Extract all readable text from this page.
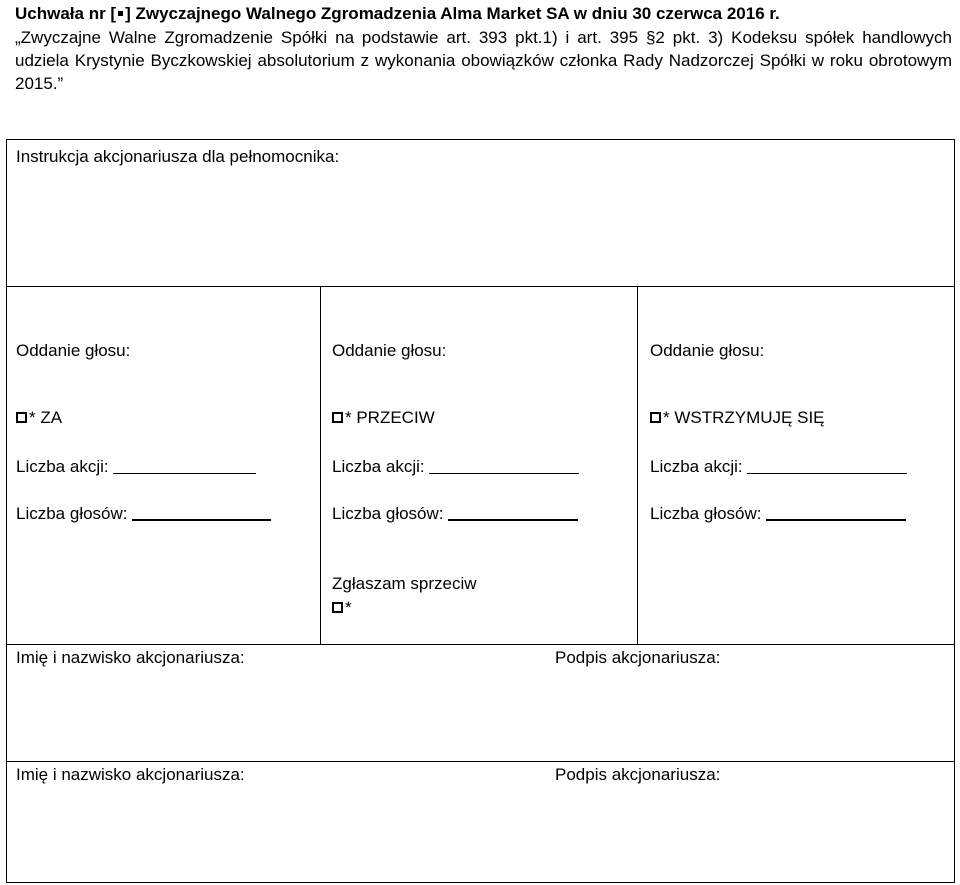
Uchwała nr [ ] Zwyczajnego Walnego Zgromadzenia Alma Market SA w dniu 30 czerwca 2016 r.
„Zwyczajne Walne Zgromadzenie Spółki na podstawie art. 393 pkt.1) i art. 395 §2 pkt. 3) Kodeksu spółek handlowych udziela Krystynie Byczkowskiej absolutorium z wykonania obowiązków członka Rady Nadzorczej Spółki w roku obrotowym 2015.”
Instrukcja akcjonariusza dla pełnomocnika:
Oddanie głosu:
* ZA
Liczba akcji:
Liczba głosów:
Oddanie głosu:
* PRZECIW
Liczba akcji:
Liczba głosów:
Oddanie głosu:
* WSTRZYMUJĘ SIĘ
Liczba akcji:
Liczba głosów:
Zgłaszam sprzeciw
*
Imię i nazwisko akcjonariusza:	Podpis akcjonariusza:
Imię i nazwisko akcjonariusza:	Podpis akcjonariusza:
